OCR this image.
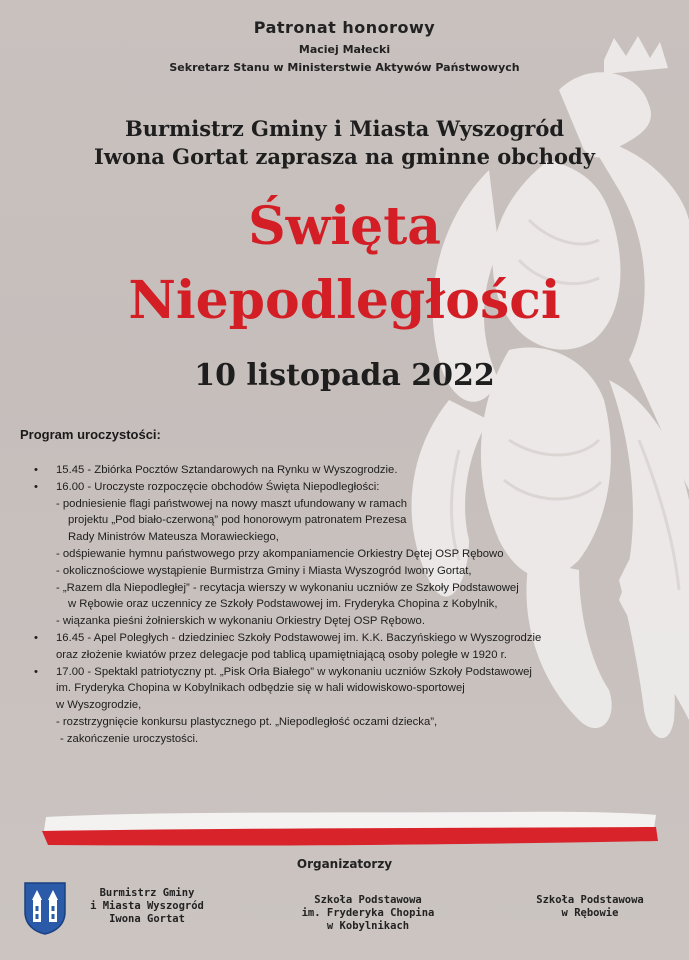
Patronat honorowy
Maciej Małecki
Sekretarz Stanu w Ministerstwie Aktywów Państwowych
Burmistrz Gminy i Miasta Wyszogród
Iwona Gortat zaprasza na gminne obchody
Święta
Niepodległości
10 listopada 2022
Program uroczystości:
• 15.45 - Zbiórka Pocztów Sztandarowych na Rynku w Wyszogrodzie.
• 16.00 - Uroczyste rozpoczęcie obchodów Święta Niepodległości:
- podniesienie flagi państwowej na nowy maszt ufundowany w ramach
projektu „Pod biało-czerwoną” pod honorowym patronatem Prezesa
Rady Ministrów Mateusza Morawieckiego,
- odśpiewanie hymnu państwowego przy akompaniamencie Orkiestry Dętej OSP Rębowo
- okolicznościowe wystąpienie Burmistrza Gminy i Miasta Wyszogród Iwony Gortat,
- „Razem dla Niepodległej” - recytacja wierszy w wykonaniu uczniów ze Szkoły Podstawowej
w Rębowie oraz uczennicy ze Szkoły Podstawowej im. Fryderyka Chopina z Kobylnik,
- wiązanka pieśni żołnierskich w wykonaniu Orkiestry Dętej OSP Rębowo.
• 16.45 - Apel Poległych - dziedziniec Szkoły Podstawowej im. K.K. Baczyńskiego w Wyszogrodzie
oraz złożenie kwiatów przez delegacje pod tablicą upamiętniającą osoby poległe w 1920 r.
• 17.00 - Spektakl patriotyczny pt. „Pisk Orła Białego” w wykonaniu uczniów Szkoły Podstawowej
im. Fryderyka Chopina w Kobylnikach odbędzie się w hali widowiskowo-sportowej
w Wyszogrodzie,
- rozstrzygnięcie konkursu plastycznego pt. „Niepodległość oczami dziecka”,
- zakończenie uroczystości.
Organizatorzy
Burmistrz Gminy
i Miasta Wyszogród
Iwona Gortat
Szkoła Podstawowa
im. Fryderyka Chopina
w Kobylnikach
Szkoła Podstawowa
w Rębowie
